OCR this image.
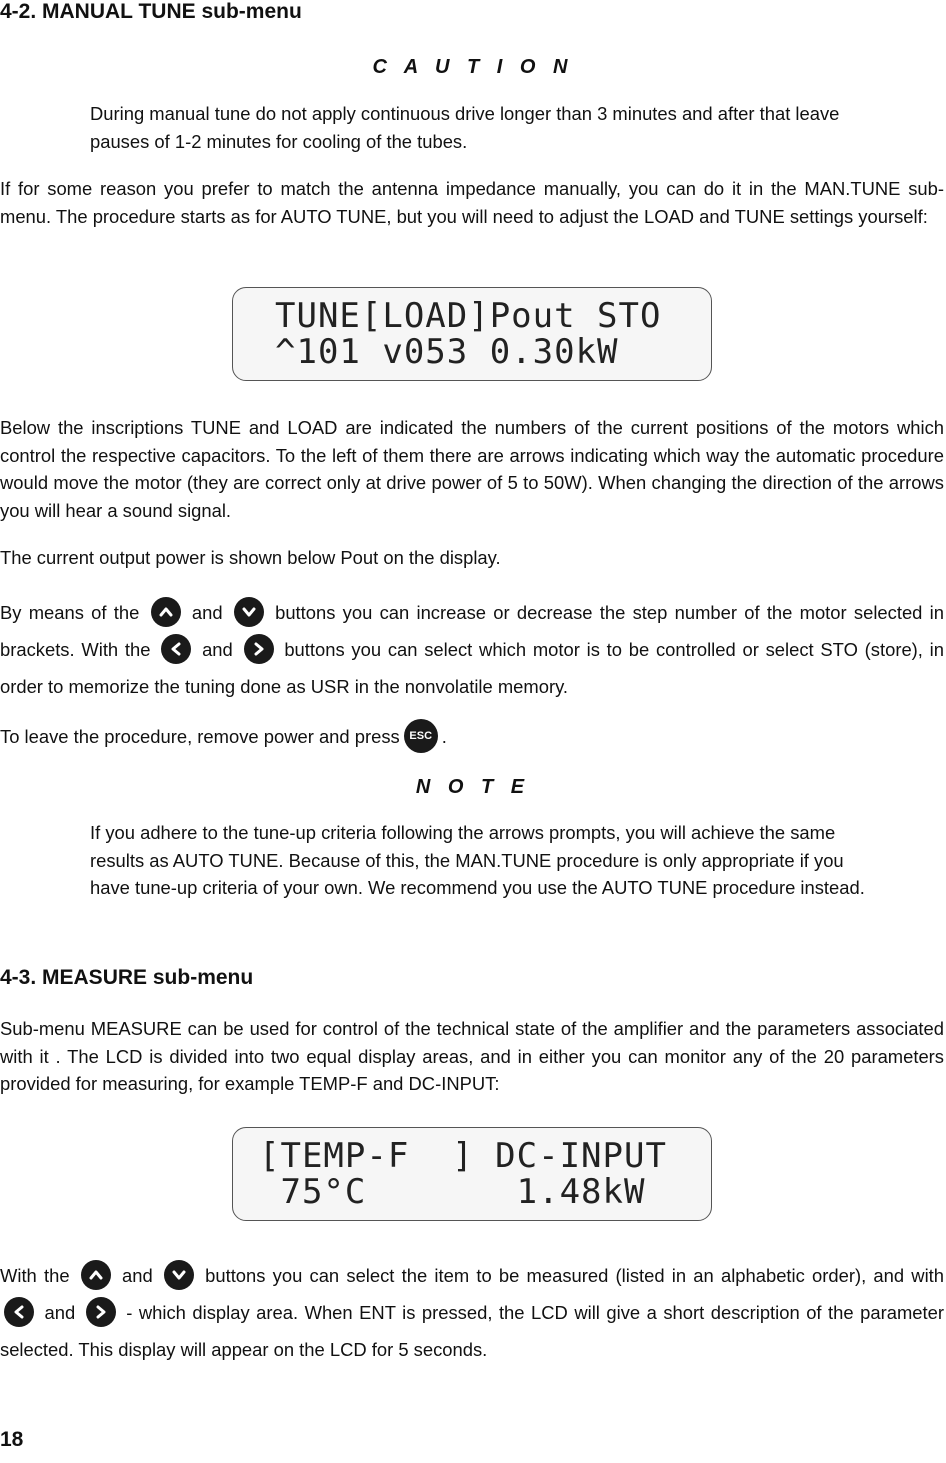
4-2. MANUAL TUNE sub-menu
C A U T I O N

During manual tune do not apply continuous drive longer than 3 minutes and after that leave pauses of 1-2 minutes for cooling of the tubes.

If for some reason you prefer to match the antenna impedance manually, you can do it in the MAN.TUNE sub-menu. The procedure starts as for AUTO TUNE, but you will need to adjust the LOAD and TUNE settings yourself:

TUNE[LOAD]Pout STO
^101 v053 0.30kW

Below the inscriptions TUNE and LOAD are indicated the numbers of the current positions of the motors which control the respective capacitors. To the left of them there are arrows indicating which way the automatic procedure would move the motor (they are correct only at drive power of 5 to 50W). When changing the direction of the arrows you will hear a sound signal.

The current output power is shown below Pout on the display.

By means of the	and	buttons you can increase or decrease the step number of the motor selected in brackets. With the	and	buttons you can select which motor is to be controlled or select STO (store), in order to memorize the tuning done as USR in the nonvolatile memory.

To leave the procedure, remove power and press ESC .

N O T E

If you adhere to the tune-up criteria following the arrows prompts, you will achieve the same results as AUTO TUNE. Because of this, the MAN.TUNE procedure is only appropriate if you have tune-up criteria of your own. We recommend you use the AUTO TUNE procedure instead.

4-3. MEASURE sub-menu

Sub-menu MEASURE can be used for control of the technical state of the amplifier and the parameters associated with it . The LCD is divided into two equal display areas, and in either you can monitor any of the 20 parameters provided for measuring, for example TEMP-F and DC-INPUT:

[TEMP-F  ] DC-INPUT
75°C       1.48kW

With the	and	buttons you can select the item to be measured (listed in an alphabetic order), and with
and	- which display area. When ENT is pressed, the LCD will give a short description of the parameter selected. This display will appear on the LCD for 5 seconds.

18
